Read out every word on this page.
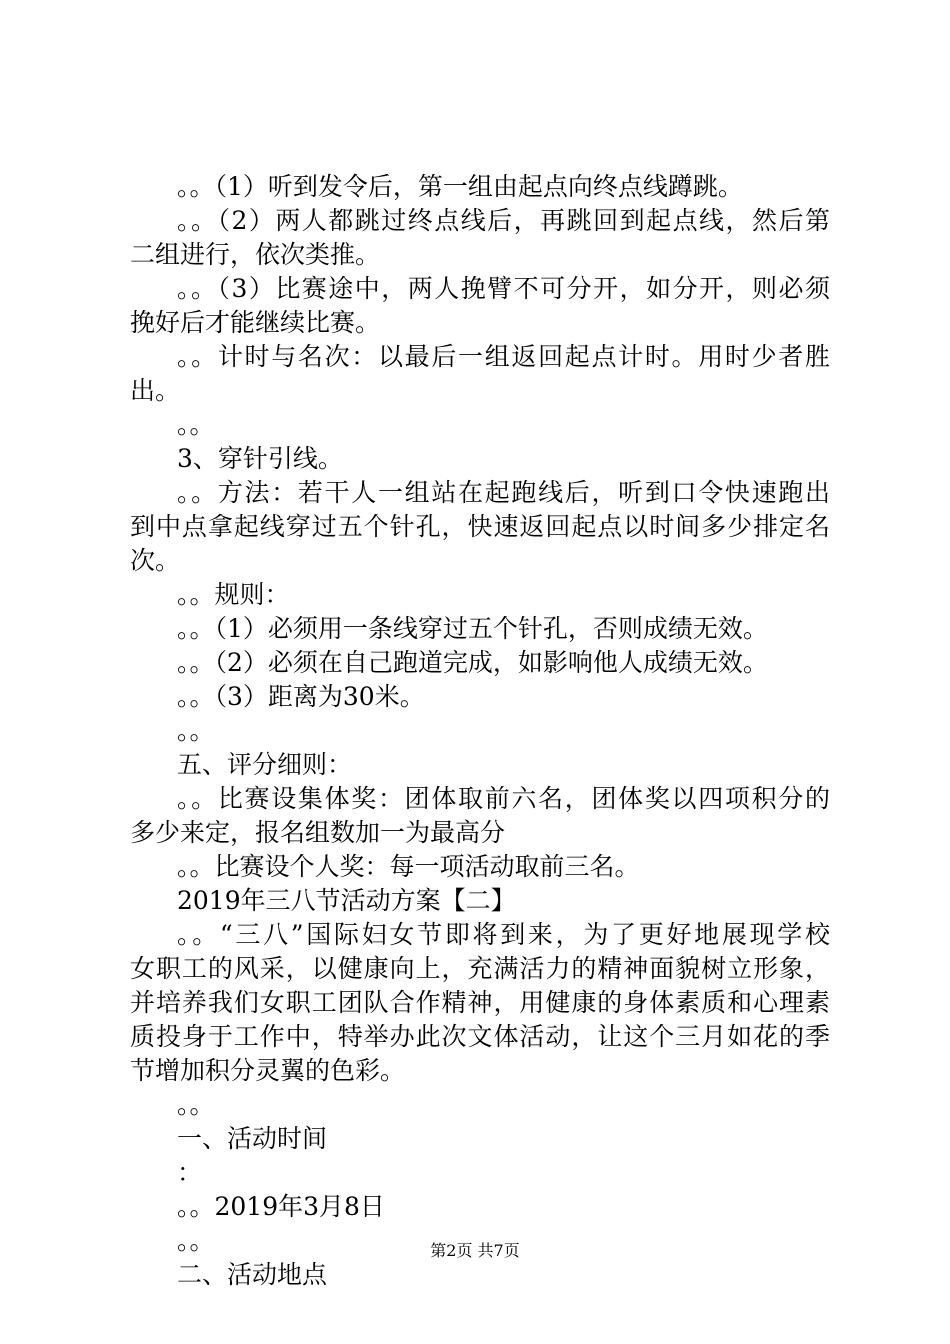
。。（1）听到发令后，第一组由起点向终点线蹲跳。
。。（2）两人都跳过终点线后，再跳回到起点线，然后第
二组进行，依次类推。
。。（3）比赛途中，两人挽臂不可分开，如分开，则必须
挽好后才能继续比赛。
。。计时与名次：以最后一组返回起点计时。用时少者胜
出。
。。
3、穿针引线。
。。方法：若干人一组站在起跑线后，听到口令快速跑出
到中点拿起线穿过五个针孔，快速返回起点以时间多少排定名
次。
。。规则：
。。（1）必须用一条线穿过五个针孔，否则成绩无效。
。。（2）必须在自己跑道完成，如影响他人成绩无效。
。。（3）距离为30米。
。。
五、评分细则：
。。比赛设集体奖：团体取前六名，团体奖以四项积分的
多少来定，报名组数加一为最高分
。。比赛设个人奖：每一项活动取前三名。
2019年三八节活动方案【二】
。。“三八”国际妇女节即将到来，为了更好地展现学校
女职工的风采，以健康向上，充满活力的精神面貌树立形象，
并培养我们女职工团队合作精神，用健康的身体素质和心理素
质投身于工作中，特举办此次文体活动，让这个三月如花的季
节增加积分灵翼的色彩。
。。
一、活动时间
：
。。2019年3月8日
。。
二、活动地点
第2页 共7页
